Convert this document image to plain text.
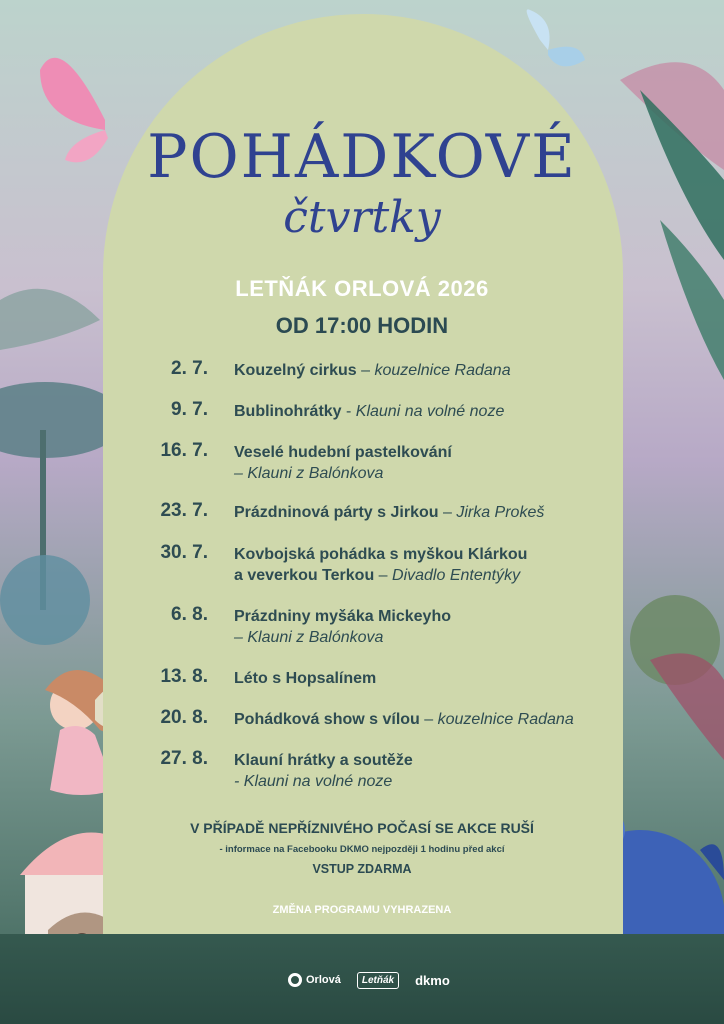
POHÁDKOVÉ
čtvrtky
LETŇÁK ORLOVÁ 2026
OD 17:00 HODIN
2. 7. Kouzelný cirkus – kouzelnice Radana
9. 7. Bublinohrátky - Klauni na volné noze
16. 7. Veselé hudební pastelkování
– Klauni z Balónkova
23. 7. Prázdninová párty s Jirkou – Jirka Prokeš
30. 7. Kovbojská pohádka s myškou Klárkou
a veverkou Terkou – Divadlo Ententýky
6. 8. Prázdniny myšáka Mickeyho
– Klauni z Balónkova
13. 8. Léto s Hopsalínem
20. 8. Pohádková show s vílou – kouzelnice Radana
27. 8. Klauní hrátky a soutěže
- Klauni na volné noze
V PŘÍPADĚ NEPŘÍZNIVÉHO POČASÍ SE AKCE RUŠÍ
- informace na Facebooku DKMO nejpozději 1 hodinu před akcí
VSTUP ZDARMA
ZMĚNA PROGRAMU VYHRAZENA
Orlová Letňák dkmo
